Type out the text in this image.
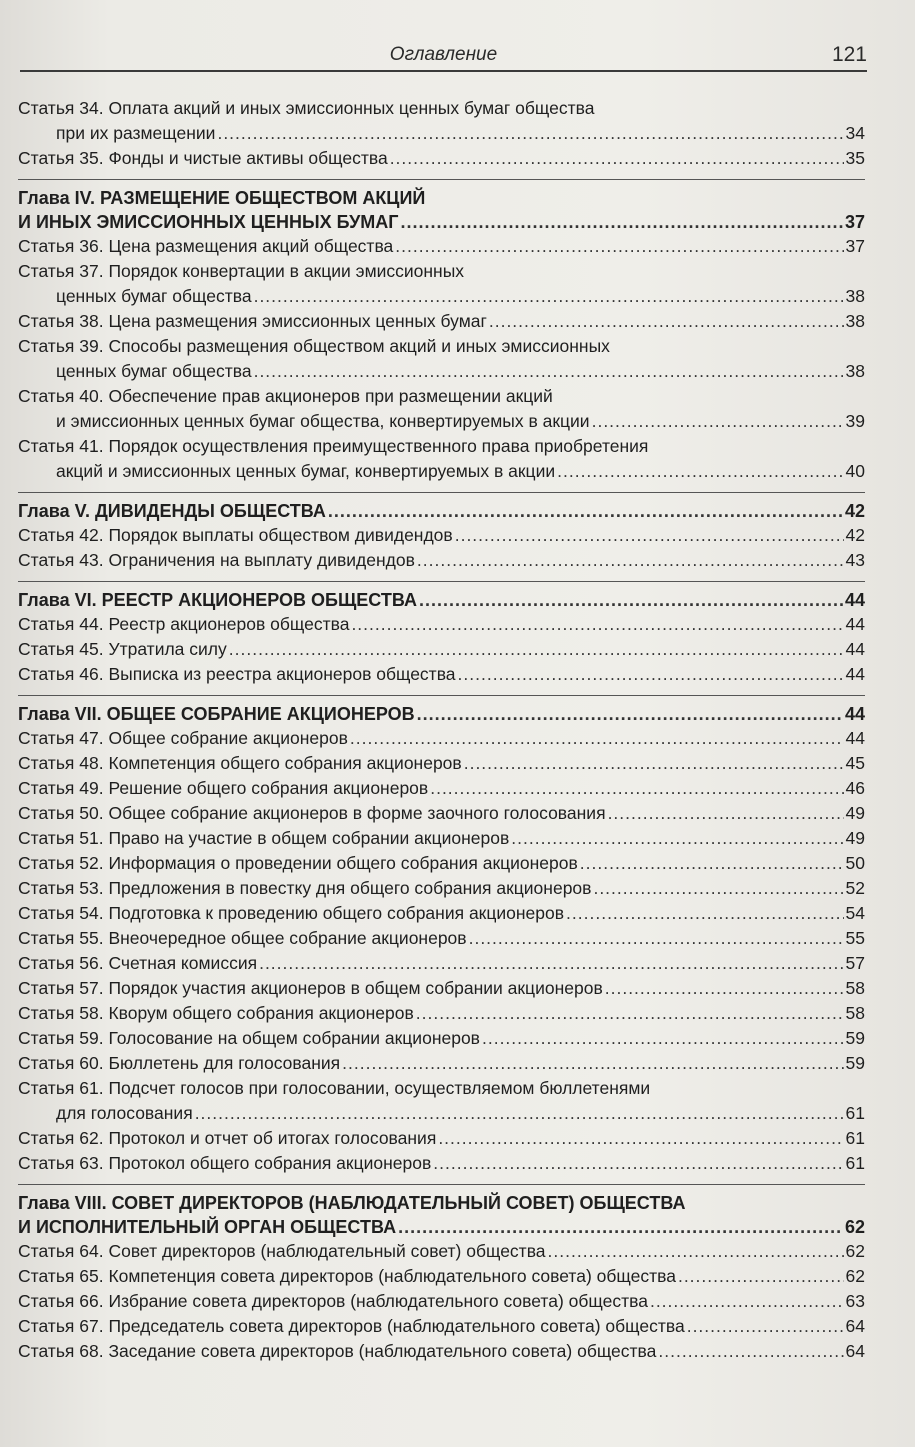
Оглавление	121
Статья 34. Оплата акций и иных эмиссионных ценных бумаг общества
при их размещении .....	34
Статья 35. Фонды и чистые активы общества .....	35
Глава IV. РАЗМЕЩЕНИЕ ОБЩЕСТВОМ АКЦИЙ
И ИНЫХ ЭМИССИОННЫХ ЦЕННЫХ БУМАГ .....	37
Статья 36. Цена размещения акций общества .....	37
Статья 37. Порядок конвертации в акции эмиссионных
ценных бумаг общества .....	38
Статья 38. Цена размещения эмиссионных ценных бумаг .....	38
Статья 39. Способы размещения обществом акций и иных эмиссионных
ценных бумаг общества .....	38
Статья 40. Обеспечение прав акционеров при размещении акций
и эмиссионных ценных бумаг общества, конвертируемых в акции .....	39
Статья 41. Порядок осуществления преимущественного права приобретения
акций и эмиссионных ценных бумаг, конвертируемых в акции .....	40
Глава V. ДИВИДЕНДЫ ОБЩЕСТВА .....	42
Статья 42. Порядок выплаты обществом дивидендов .....	42
Статья 43. Ограничения на выплату дивидендов .....	43
Глава VI. РЕЕСТР АКЦИОНЕРОВ ОБЩЕСТВА .....	44
Статья 44. Реестр акционеров общества .....	44
Статья 45. Утратила силу .....	44
Статья 46. Выписка из реестра акционеров общества .....	44
Глава VII. ОБЩЕЕ СОБРАНИЕ АКЦИОНЕРОВ .....	44
Статья 47. Общее собрание акционеров .....	44
Статья 48. Компетенция общего собрания акционеров .....	45
Статья 49. Решение общего собрания акционеров .....	46
Статья 50. Общее собрание акционеров в форме заочного голосования .....	49
Статья 51. Право на участие в общем собрании акционеров .....	49
Статья 52. Информация о проведении общего собрания акционеров .....	50
Статья 53. Предложения в повестку дня общего собрания акционеров .....	52
Статья 54. Подготовка к проведению общего собрания акционеров .....	54
Статья 55. Внеочередное общее собрание акционеров .....	55
Статья 56. Счетная комиссия .....	57
Статья 57. Порядок участия акционеров в общем собрании акционеров .....	58
Статья 58. Кворум общего собрания акционеров .....	58
Статья 59. Голосование на общем собрании акционеров .....	59
Статья 60. Бюллетень для голосования .....	59
Статья 61. Подсчет голосов при голосовании, осуществляемом бюллетенями
для голосования .....	61
Статья 62. Протокол и отчет об итогах голосования .....	61
Статья 63. Протокол общего собрания акционеров .....	61
Глава VIII. СОВЕТ ДИРЕКТОРОВ (НАБЛЮДАТЕЛЬНЫЙ СОВЕТ) ОБЩЕСТВА
И ИСПОЛНИТЕЛЬНЫЙ ОРГАН ОБЩЕСТВА .....	62
Статья 64. Совет директоров (наблюдательный совет) общества .....	62
Статья 65. Компетенция совета директоров (наблюдательного совета) общества .....	62
Статья 66. Избрание совета директоров (наблюдательного совета) общества .....	63
Статья 67. Председатель совета директоров (наблюдательного совета) общества .....	64
Статья 68. Заседание совета директоров (наблюдательного совета) общества .....	64
